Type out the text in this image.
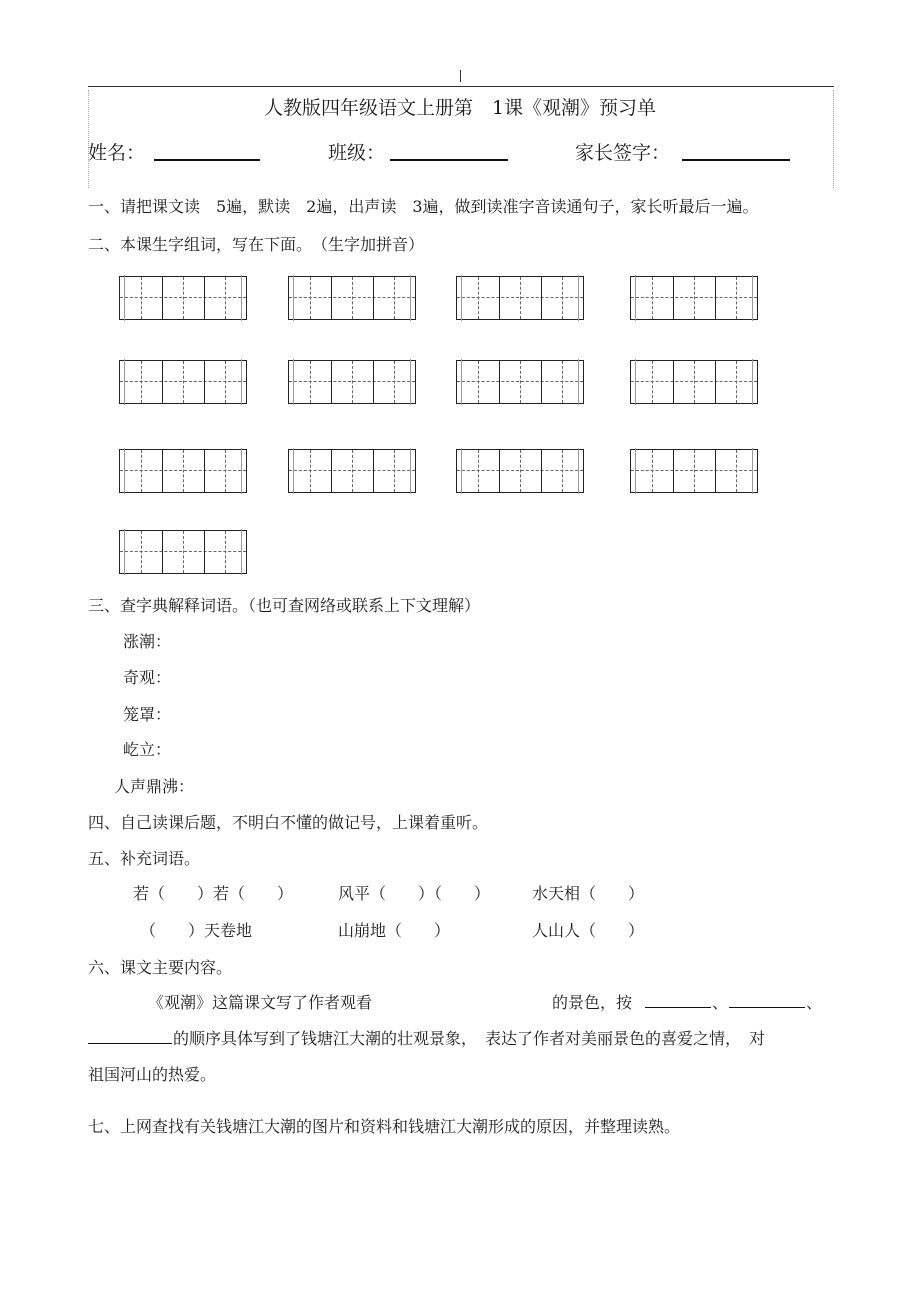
人教版四年级语文上册第　1课《观潮》预习单
姓名：	班级：	家长签字：
一、请把课文读　5遍，默读　2遍，出声读　3遍，做到读准字音读通句子，家长听最后一遍。
二、本课生字组词，写在下面。　（生字加拼音）
三、查字典解释词语。（也可查网络或联系上下文理解）
涨潮：
奇观：
笼罩：
屹立：
人声鼎沸：
四、自己读课后题，不明白不懂的做记号，上课着重听。
五、补充词语。
若（　　）若（　　）	风平（　　）（　　）	水天相（　　）
（　　）天卷地	山崩地（　　）	人山人（　　）
六、课文主要内容。
《观潮》这篇课文写了作者观看	的景色，按	、	、
的顺序具体写到了钱塘江大潮的壮观景象，　表达了作者对美丽景色的喜爱之情，　对
祖国河山的热爱。
七、上网查找有关钱塘江大潮的图片和资料和钱塘江大潮形成的原因，并整理读熟。
